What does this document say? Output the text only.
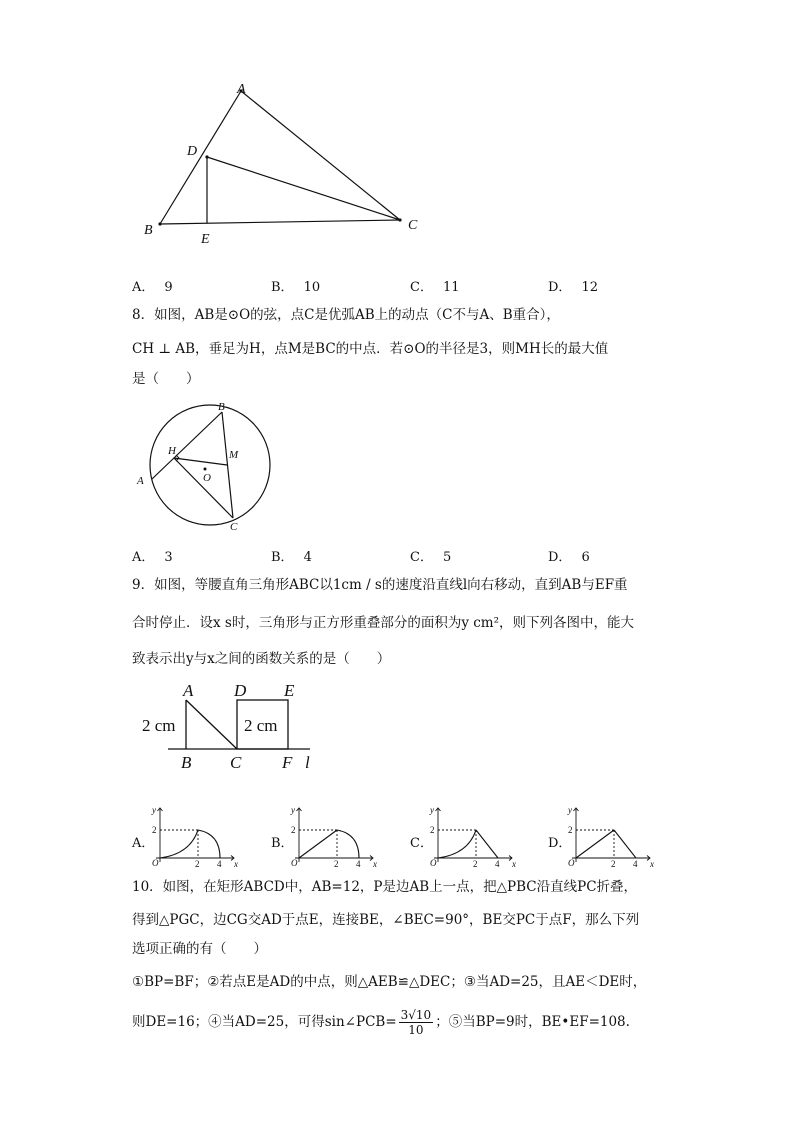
A
B	C
D
E
A． 9	B． 10	C． 11	D． 12
8．如图，AB是⊙O的弦，点C是优弧AB上的动点（C不与A、B重合），
CH ⊥ AB，垂足为H，点M是BC的中点．若⊙O的半径是3，则MH长的最大值
是（　　）
B
C
A
H	M
O
A． 3	B． 4	C． 5	D． 6
9．如图，等腰直角三角形ABC以1cm / s的速度沿直线l向右移动，直到AB与EF重
合时停止．设x s时，三角形与正方形重叠部分的面积为y cm²，则下列各图中，能大
致表示出y与x之间的函数关系的是（　　）
A D E
B C F l
2 cm	2 cm
A．
y
x
O
2
2 4
B．
y
x
O
2
2 4
C．
y
x
O
2
2 4
D．
y
x
O
2
2 4
10．如图，在矩形ABCD中，AB=12，P是边AB上一点，把△PBC沿直线PC折叠，
得到△PGC，边CG交AD于点E，连接BE，∠BEC=90°，BE交PC于点F，那么下列
选项正确的有（　　）
①BP=BF；②若点E是AD的中点，则△AEB≌△DEC；③当AD=25，且AE＜DE时，
则DE=16；④当AD=25，可得sin∠PCB= $\frac{3√10}{10}$ ；⑤当BP=9时，BE•EF=108.
